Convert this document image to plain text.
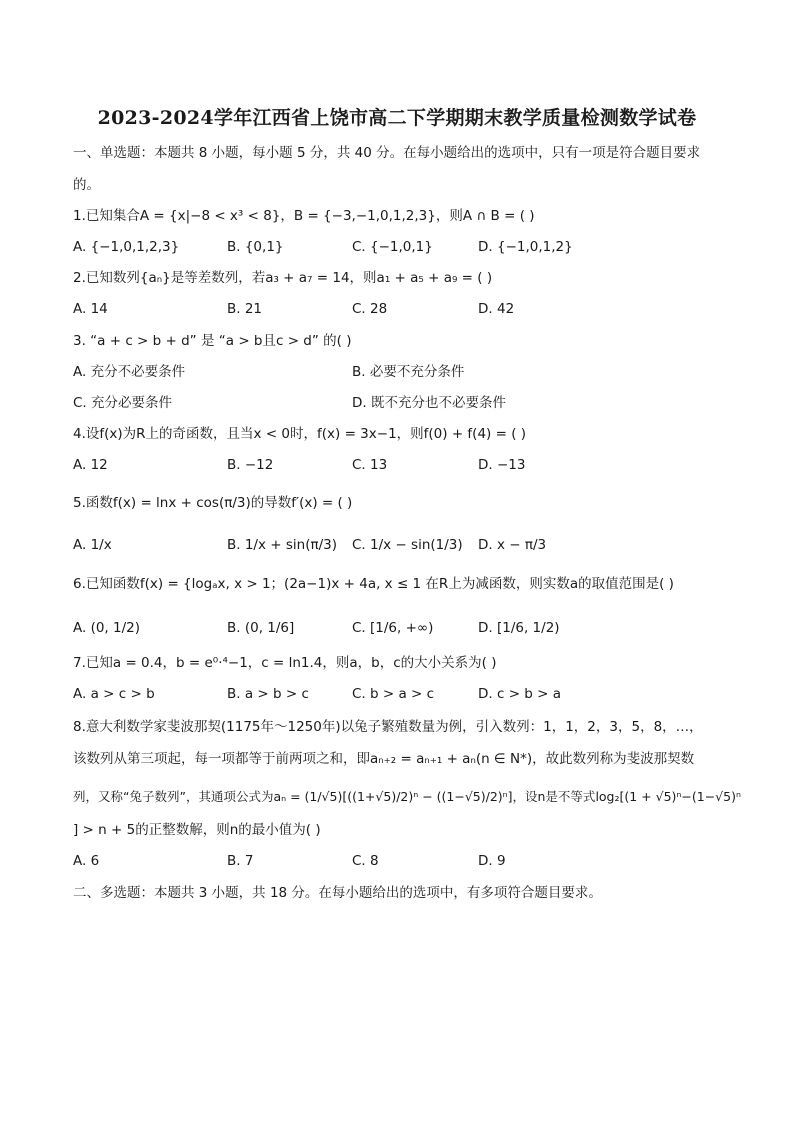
2023-2024学年江西省上饶市高二下学期期末教学质量检测数学试卷
一、单选题：本题共 8 小题，每小题 5 分，共 40 分。在每小题给出的选项中，只有一项是符合题目要求
的。
1.已知集合A = {x|−8 < x³ < 8}，B = {−3,−1,0,1,2,3}，则A ∩ B = ( )
A. {−1,0,1,2,3}	B. {0,1}	C. {−1,0,1}	D. {−1,0,1,2}
2.已知数列{aₙ}是等差数列，若a₃ + a₇ = 14，则a₁ + a₅ + a₉ = ( )
A. 14	B. 21	C. 28	D. 42
3. “a + c > b + d” 是 “a > b且c > d” 的( )
A. 充分不必要条件	B. 必要不充分条件
C. 充分必要条件	D. 既不充分也不必要条件
4.设f(x)为R上的奇函数，且当x < 0时，f(x) = 3x−1，则f(0) + f(4) = ( )
A. 12	B. −12	C. 13	D. −13
5.函数f(x) = lnx + cos(π/3)的导数f′(x) = ( )
A. 1/x	B. 1/x + sin(π/3) C. 1/x − sin(1/3) D. x − π/3
6.已知函数f(x) = {logₐx, x > 1；(2a−1)x + 4a, x ≤ 1 在R上为减函数，则实数a的取值范围是( )
A. (0, 1/2)	B. (0, 1/6]	C. [1/6, +∞)	D. [1/6, 1/2)
7.已知a = 0.4，b = e⁰·⁴−1，c = ln1.4，则a，b，c的大小关系为( )
A. a > c > b	B. a > b > c	C. b > a > c	D. c > b > a
8.意大利数学家斐波那契(1175年～1250年)以兔子繁殖数量为例，引入数列：1，1，2，3，5，8，…，
该数列从第三项起，每一项都等于前两项之和，即aₙ₊₂ = aₙ₊₁ + aₙ(n ∈ N*)，故此数列称为斐波那契数
列，又称“兔子数列”，其通项公式为aₙ = (1/√5)[((1+√5)/2)ⁿ − ((1−√5)/2)ⁿ]，设n是不等式log₂[(1 + √5)ⁿ−(1−√5)ⁿ
] > n + 5的正整数解，则n的最小值为( )
A. 6	B. 7	C. 8	D. 9
二、多选题：本题共 3 小题，共 18 分。在每小题给出的选项中，有多项符合题目要求。
